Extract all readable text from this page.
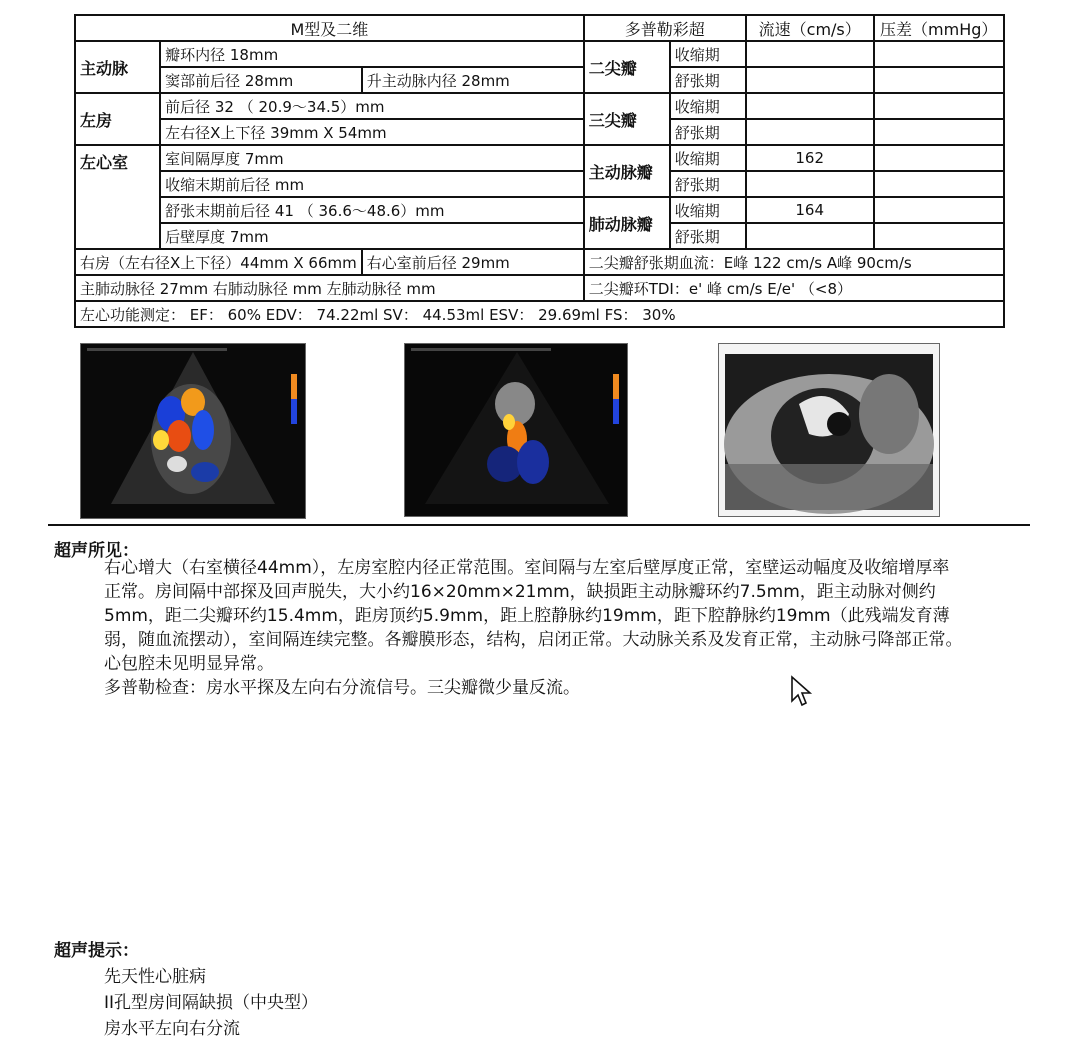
M型及二维			多普勒彩超		流速（cm/s）	压差（mmHg）
主动脉	瓣环内径 18mm		二尖瓣	收缩期		
	窦部前后径 28mm	升主动脉内径 28mm		舒张期		
左房	前后径 32 （ 20.9～34.5）mm		三尖瓣	收缩期		
	左右径X上下径 39mm X 54mm			舒张期		
左心室	室间隔厚度 7mm		主动脉瓣	收缩期	162	
	收缩末期前后径 mm			舒张期		
	舒张末期前后径 41 （ 36.6～48.6）mm		肺动脉瓣	收缩期	164	
	后壁厚度 7mm			舒张期		
右房（左右径X上下径）44mm X 66mm		右心室前后径 29mm	二尖瓣舒张期血流：E峰 122 cm/s A峰 90cm/s			
主肺动脉径 27mm 右肺动脉径 mm 左肺动脉径 mm			二尖瓣环TDI：e' 峰 cm/s E/e' （<8）			
左心功能测定： EF： 60% EDV： 74.22ml SV： 44.53ml ESV： 29.69ml FS： 30%						
超声所见：

右心增大（右室横径44mm），左房室腔内径正常范围。室间隔与左室后壁厚度正常，室壁运动幅度及收缩增厚率正常。房间隔中部探及回声脱失，大小约16×20mm×21mm，缺损距主动脉瓣环约7.5mm，距主动脉对侧约5mm，距二尖瓣环约15.4mm，距房顶约5.9mm，距上腔静脉约19mm，距下腔静脉约19mm（此残端发育薄弱，随血流摆动），室间隔连续完整。各瓣膜形态，结构，启闭正常。大动脉关系及发育正常，主动脉弓降部正常。心包腔未见明显异常。

多普勒检查：房水平探及左向右分流信号。三尖瓣微少量反流。

超声提示：
先天性心脏病
II孔型房间隔缺损（中央型）
房水平左向右分流
